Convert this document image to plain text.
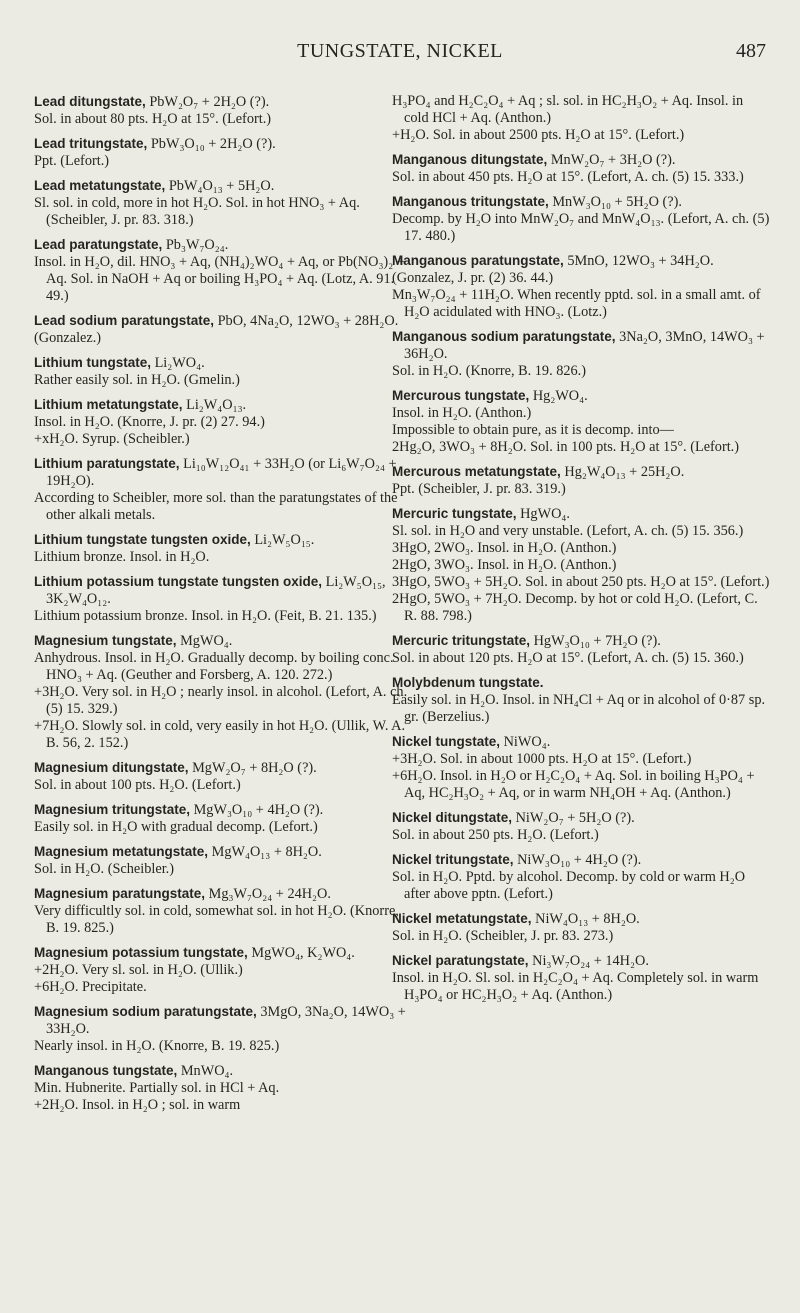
TUNGSTATE, NICKEL	487
Lead ditungstate, PbW₂O₇ + 2H₂O (?).
Sol. in about 80 pts. H₂O at 15°. (Lefort.)
Lead tritungstate, PbW₃O₁₀ + 2H₂O (?).
Ppt. (Lefort.)
Lead metatungstate, PbW₄O₁₃ + 5H₂O.
Sl. sol. in cold, more in hot H₂O. Sol. in hot HNO₃ + Aq. (Scheibler, J. pr. 83. 318.)
Lead paratungstate, Pb₃W₇O₂₄.
Insol. in H₂O, dil. HNO₃ + Aq, (NH₄)₂WO₄ + Aq, or Pb(NO₃)₂ + Aq. Sol. in NaOH + Aq or boiling H₃PO₄ + Aq. (Lotz, A. 91. 49.)
Lead sodium paratungstate, PbO, 4Na₂O, 12WO₃ + 28H₂O.
(Gonzalez.)
Lithium tungstate, Li₂WO₄.
Rather easily sol. in H₂O. (Gmelin.)
Lithium metatungstate, Li₂W₄O₁₃.
Insol. in H₂O. (Knorre, J. pr. (2) 27. 94.)
+xH₂O. Syrup. (Scheibler.)
Lithium paratungstate, Li₁₀W₁₂O₄₁ + 33H₂O (or Li₆W₇O₂₄ + 19H₂O).
According to Scheibler, more sol. than the paratungstates of the other alkali metals.
Lithium tungstate tungsten oxide, Li₂W₅O₁₅.
Lithium bronze. Insol. in H₂O.
Lithium potassium tungstate tungsten oxide, Li₂W₅O₁₅, 3K₂W₄O₁₂.
Lithium potassium bronze. Insol. in H₂O. (Feit, B. 21. 135.)
Magnesium tungstate, MgWO₄.
Anhydrous. Insol. in H₂O. Gradually decomp. by boiling conc. HNO₃ + Aq. (Geuther and Forsberg, A. 120. 272.)
+3H₂O. Very sol. in H₂O ; nearly insol. in alcohol. (Lefort, A. ch. (5) 15. 329.)
+7H₂O. Slowly sol. in cold, very easily in hot H₂O. (Ullik, W. A. B. 56, 2. 152.)
Magnesium ditungstate, MgW₂O₇ + 8H₂O (?).
Sol. in about 100 pts. H₂O. (Lefort.)
Magnesium tritungstate, MgW₃O₁₀ + 4H₂O (?).
Easily sol. in H₂O with gradual decomp. (Lefort.)
Magnesium metatungstate, MgW₄O₁₃ + 8H₂O.
Sol. in H₂O. (Scheibler.)
Magnesium paratungstate, Mg₃W₇O₂₄ + 24H₂O.
Very difficultly sol. in cold, somewhat sol. in hot H₂O. (Knorre, B. 19. 825.)
Magnesium potassium tungstate, MgWO₄, K₂WO₄.
+2H₂O. Very sl. sol. in H₂O. (Ullik.)
+6H₂O. Precipitate.
Magnesium sodium paratungstate, 3MgO, 3Na₂O, 14WO₃ + 33H₂O.
Nearly insol. in H₂O. (Knorre, B. 19. 825.)
Manganous tungstate, MnWO₄.
Min. Hubnerite. Partially sol. in HCl + Aq.
+2H₂O. Insol. in H₂O ; sol. in warm
H₃PO₄ and H₂C₂O₄ + Aq ; sl. sol. in HC₂H₃O₂ + Aq. Insol. in cold HCl + Aq. (Anthon.)
+H₂O. Sol. in about 2500 pts. H₂O at 15°. (Lefort.)
Manganous ditungstate, MnW₂O₇ + 3H₂O (?).
Sol. in about 450 pts. H₂O at 15°. (Lefort, A. ch. (5) 15. 333.)
Manganous tritungstate, MnW₃O₁₀ + 5H₂O (?).
Decomp. by H₂O into MnW₂O₇ and MnW₄O₁₃. (Lefort, A. ch. (5) 17. 480.)
Manganous paratungstate, 5MnO, 12WO₃ + 34H₂O.
(Gonzalez, J. pr. (2) 36. 44.)
Mn₃W₇O₂₄ + 11H₂O. When recently pptd. sol. in a small amt. of H₂O acidulated with HNO₃. (Lotz.)
Manganous sodium paratungstate, 3Na₂O, 3MnO, 14WO₃ + 36H₂O.
Sol. in H₂O. (Knorre, B. 19. 826.)
Mercurous tungstate, Hg₂WO₄.
Insol. in H₂O. (Anthon.)
Impossible to obtain pure, as it is decomp. into—
2Hg₂O, 3WO₃ + 8H₂O. Sol. in 100 pts. H₂O at 15°. (Lefort.)
Mercurous metatungstate, Hg₂W₄O₁₃ + 25H₂O.
Ppt. (Scheibler, J. pr. 83. 319.)
Mercuric tungstate, HgWO₄.
Sl. sol. in H₂O and very unstable. (Lefort, A. ch. (5) 15. 356.)
3HgO, 2WO₃. Insol. in H₂O. (Anthon.)
2HgO, 3WO₃. Insol. in H₂O. (Anthon.)
3HgO, 5WO₃ + 5H₂O. Sol. in about 250 pts. H₂O at 15°. (Lefort.)
2HgO, 5WO₃ + 7H₂O. Decomp. by hot or cold H₂O. (Lefort, C. R. 88. 798.)
Mercuric tritungstate, HgW₃O₁₀ + 7H₂O (?).
Sol. in about 120 pts. H₂O at 15°. (Lefort, A. ch. (5) 15. 360.)
Molybdenum tungstate.
Easily sol. in H₂O. Insol. in NH₄Cl + Aq or in alcohol of 0·87 sp. gr. (Berzelius.)
Nickel tungstate, NiWO₄.
+3H₂O. Sol. in about 1000 pts. H₂O at 15°. (Lefort.)
+6H₂O. Insol. in H₂O or H₂C₂O₄ + Aq. Sol. in boiling H₃PO₄ + Aq, HC₂H₃O₂ + Aq, or in warm NH₄OH + Aq. (Anthon.)
Nickel ditungstate, NiW₂O₇ + 5H₂O (?).
Sol. in about 250 pts. H₂O. (Lefort.)
Nickel tritungstate, NiW₃O₁₀ + 4H₂O (?).
Sol. in H₂O. Pptd. by alcohol. Decomp. by cold or warm H₂O after above pptn. (Lefort.)
Nickel metatungstate, NiW₄O₁₃ + 8H₂O.
Sol. in H₂O. (Scheibler, J. pr. 83. 273.)
Nickel paratungstate, Ni₃W₇O₂₄ + 14H₂O.
Insol. in H₂O. Sl. sol. in H₂C₂O₄ + Aq. Completely sol. in warm H₃PO₄ or HC₂H₃O₂ + Aq. (Anthon.)
